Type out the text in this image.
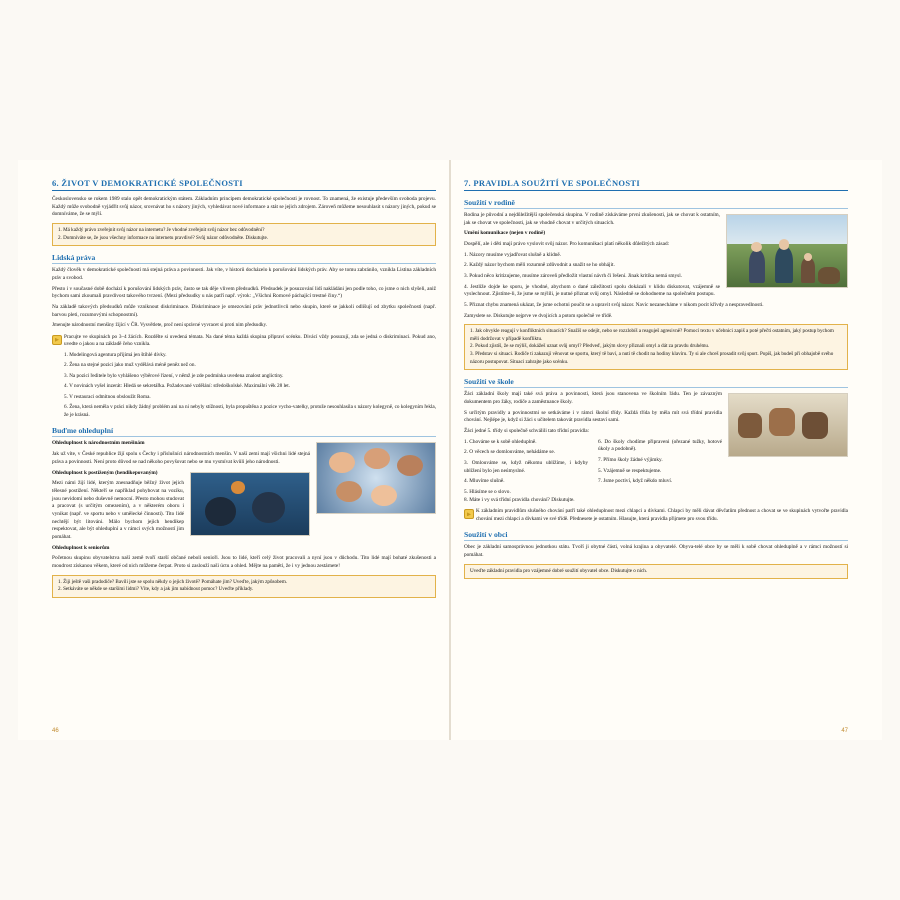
6. ŽIVOT V DEMOKRATICKÉ SPOLEČNOSTI

Československo se rokem 1989 stalo opět demokratickým státem. Základním principem demokratické společnosti je rovnost. To znamená, že existuje především svoboda projevu. Každý může svobodně vyjádřit svůj názor, srovnávat ho s názory jiných, vyhledávat nové informace a stát se jejich zdrojem. Zároveň můžeme nesouhlasit s názory jiných, pokud se domníváme, že se mýlí.

1. Má každý právo zveřejnit svůj názor na internetu? Je vhodné zveřejnit svůj názor bez odůvodnění?
2. Domníváte se, že jsou všechny informace na internetu pravdivé? Svůj názor odůvodněte. Diskutujte.
Lidská práva

Každý člověk v demokratické společnosti má stejná práva a povinnosti. Jak víte, v historii docházelo k porušování lidských práv. Aby se tomu zabránilo, vznikla Listina základních práv a svobod.

Přesto i v současné době dochází k porušování lidských práv, často se tak děje vlivem předsudků. Předsudek je posuzování lidí nakládáni jen podle toho, co jsme o nich slyšeli, aniž bychom sami zkoumali pravdivost takového tvrzení. (Mezi předsudky u nás patří např. výrok: „Všichni Romové páchající trestné činy.“)

Na základě takových předsudků může vzniknout diskriminace. Diskriminace je omezování práv jednotlivců nebo skupin, které se jakkoli odlišují od zbytku společnosti (např. barvou pleti, rozumovými schopnostmi).

Jmenujte národnostní menšiny žijící v ČR. Vysvětlete, proč není správné vyvracet si proti nim předsudky.

Pracujte ve skupinách po 3–4 žácích. Rozdělte si uvedená témata. Na dané téma každá skupina připraví scénku. Divácí vždy posuzují, zda se jedná o diskriminaci. Pokud ano, uvedte o jakou a na základě čeho vznikla.

1. Modelingová agentura přijímá jen štíhlé dívky.

2. Žena na stejné pozici jako muž vydělává méně peněz než on.

3. Na pozici ředitele bylo vyhlášeno výběrové řízení, v němž je zde podmínka uvedena znalost anglictiny.

4. V novinách vyšel inzerát: Hledá se sekretářka. Požadované vzdělání: středoškolské. Maximální věk 28 let.

5. V restauraci odmítnou obsloužit Roma.

6. Žena, která neměla v práci nikdy žádný problém ani na ni nebyly stížnosti, byla propuštěna z pozice vycho-vatelky, protože nesouhlasila s názory kolegyně, co kolegyním řekla, že je krásná.

Buďme ohleduplní

Ohleduplnost k národnostním menšinám

Jak už víte, v České republice žijí spolu s Čechy i příslušníci národnostních menšin. V naší zemi mají všichni lidé stejná práva a povinnosti. Není proto důvod se nad někoho povyšovat nebo se mu vysmívat kvůli jeho národnosti.

Ohleduplnost k postiženým (hendikepovaným)

Mezi námi žijí lidé, kterým znesnadňuje běžný život jejich tělesné postižení. Někteří se například pohybovat na vozíku, jsou nevidomí nebo duševně nemocní. Přesto mohou studovat a pracovat (s určitým omezením), a v některém oboru i vynikat (např. ve sportu nebo v umělecké činnosti). Tito lidé nechtějí být litováni. Málo bychom jejich hendikep respektovat, ale být ohleduplní a v rámci svých možností jim pomáhat.

Ohleduplnost k seniorům

Početnou skupinu obyvatelstva naší země tvoří starší občané neboli senioři. Jsou to lidé, kteří celý život pracovali a nyní jsou v důchodu. Tito lidé mají bohaté zkušenosti a moudrost získanou věkem, které od nich můžeme čerpat. Proto si zaslouží naši úctu a ohled. Mějte na paměti, že i vy jednou zestárnete!

1. Žiji ještě vaši pradodiče? Bavili jste se spolu někdy o jejich životě? Pomáhate jim? Uveďte, jakým způsobem.
2. Setkáváte se někde se staršími lidmi? Víte, kdy a jak jim nabídnout pomoc? Uveďte příklady.
46
7. PRAVIDLA SOUŽITÍ VE SPOLEČNOSTI
Soužití v rodině

Rodina je původní a nejdůležitější společenská skupina. V rodině získáváme první zkušenosti, jak se chovat k ostatním, jak se chovat ve společnosti, jak se vhodně chovat v určitých situacích.

Umění komunikace (nejen v rodině)

Dospělí, ale i děti mají právo vyslovit svůj názor. Pro komunikaci platí několik důležitých zásad:

1. Názory musíme vyjadřovat slušně a klidně.

2. Každý názor bychom měli rozumně zdůvodnit a snažit se ho obhájit.

3. Pokud něco kritizujeme, musíme zároveň předložit vlastní návrh či řešení. Jinak kritika nemá smysl.

4. Jestliže dojde ke sporu, je vhodné, abychom o dané záležitosti spolu dokázali v klidu diskutovat, vzájemně se vyslechnout. Zjistíme-li, že jsme se mýlili, je nutné přiznat svůj omyl. Následně se dohodneme na společném postupu.

5. Přiznat chybu znamená ukázat, že jsme ochotni poučit se a upravit svůj názor. Navíc nezanecháme v nikom pocit křivdy a nespravedlnosti.

Zamyslete se. Diskutujte nejprve ve dvojicích a potom společně ve třídě.

1. Jak obvykle reagují v konfliktních situacích? Snažíš se odejít, nebo se rozzlobíš a reaguješ agresivně? Pomocí textu v učebnici zapiš a poté přečti ostatním, jaký postup bychom měli dodržovat v případě konfliktu.
2. Pokud zjistíš, že se mýlíš, dokážeš uznat svůj omyl? Předveď, jakým slovy přiznali omyl a dát za pravdu druhému.
3. Představ si situaci. Rodiče ti zakazují věnovat se sportu, který tě baví, a nutí tě chodit na hodiny klavíru. Ty si ale chceš prosadit svůj sport. Popiš, jak budeš při obhajobě svého názoru postupovat. Situaci zahrajte jako scénku.
Soužití ve škole

Žáci základní školy mají také svá práva a povinnosti, která jsou stanovena ve školním řádu. Ten je závazným dokumentem pro žáky, rodiče a zaměstnance školy.

S určitým pravidly a povinnostmi se setkáváme i v rámci školní třídy. Každá třída by měla mít svá třídní pravidla chování. Nejlépe je, když si žáci s učitelem takovát pravidla sestaví sami.

Žáci jedné 5. třídy si společně schválili tato třídní pravidla:

1. Chováme se k sobě ohleduplně.

2. O věcech se domlouváme, nehádáme se.

3. Omlouváme se, když někomu ublížíme, i kdyby ublížení bylo jen neúmyslné.

4. Mluvíme slušně.

5. Hlásíme se o slovo.

6. Do školy chodíme připraveni (ořezané tužky, hotové úkoly a podobně).

7. Přímo školy žádné výjimky.

5. Vzájemně se respektujeme.

7. Jsme poctiví, když někdo mluví.

8. Máte i vy svá třídní pravidla chování? Diskutujte.

K základním pravidlům slušného chování patří také ohleduplnost mezi chlapci a dívkami. Chlapci by měli dávat děvčatům přednost a chovat se ve skupinách vytvořte pravidla chování mezi chlapci a dívkami ve své třídě. Přednesete je ostatním. Hlasujte, která pravidla přijmete pro svou třídu.

Soužití v obci

Obec je základní samosprávnou jednotkou státu. Tvoří ji obytné části, volná krajina a obyvatelé. Obyva-telé obce by se měli k sobě chovat ohleduplně a v rámci možností si pomáhat.

Uveďte základní pravidla pro vzájemné dobré soužití obyvatel obce. Diskutujte o nich.
47
